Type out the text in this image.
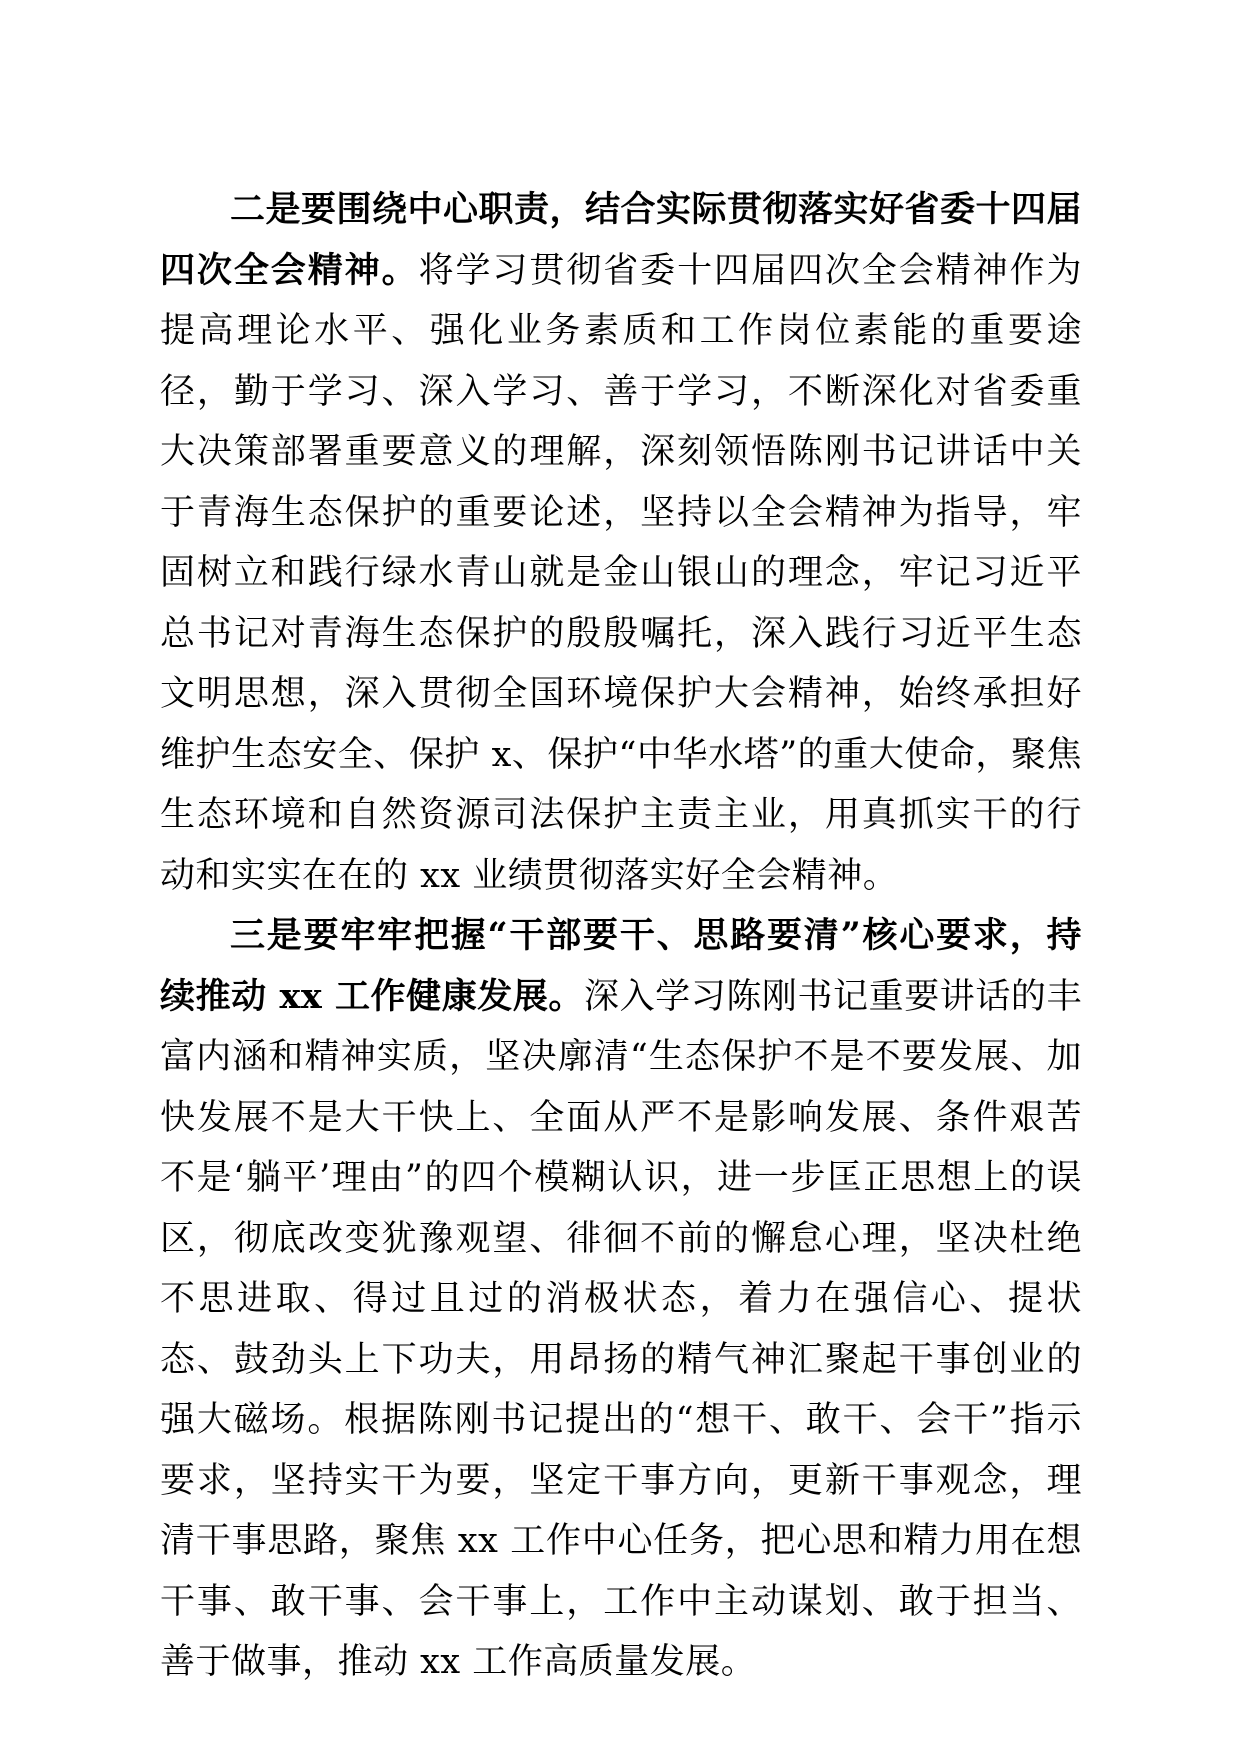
二是要围绕中心职责，结合实际贯彻落实好省委十四届四次全会精神。将学习贯彻省委十四届四次全会精神作为提高理论水平、强化业务素质和工作岗位素能的重要途径，勤于学习、深入学习、善于学习，不断深化对省委重大决策部署重要意义的理解，深刻领悟陈刚书记讲话中关于青海生态保护的重要论述，坚持以全会精神为指导，牢固树立和践行绿水青山就是金山银山的理念，牢记习近平总书记对青海生态保护的殷殷嘱托，深入践行习近平生态文明思想，深入贯彻全国环境保护大会精神，始终承担好维护生态安全、保护 x、保护“中华水塔”的重大使命，聚焦生态环境和自然资源司法保护主责主业，用真抓实干的行动和实实在在的 xx 业绩贯彻落实好全会精神。

三是要牢牢把握“干部要干、思路要清”核心要求，持续推动 xx 工作健康发展。深入学习陈刚书记重要讲话的丰富内涵和精神实质，坚决廓清“生态保护不是不要发展、加快发展不是大干快上、全面从严不是影响发展、条件艰苦不是‘躺平’理由”的四个模糊认识，进一步匡正思想上的误区，彻底改变犹豫观望、徘徊不前的懈怠心理，坚决杜绝不思进取、得过且过的消极状态，着力在强信心、提状态、鼓劲头上下功夫，用昂扬的精气神汇聚起干事创业的强大磁场。根据陈刚书记提出的“想干、敢干、会干”指示要求，坚持实干为要，坚定干事方向，更新干事观念，理清干事思路，聚焦 xx 工作中心任务，把心思和精力用在想干事、敢干事、会干事上，工作中主动谋划、敢于担当、善于做事，推动 xx 工作高质量发展。
